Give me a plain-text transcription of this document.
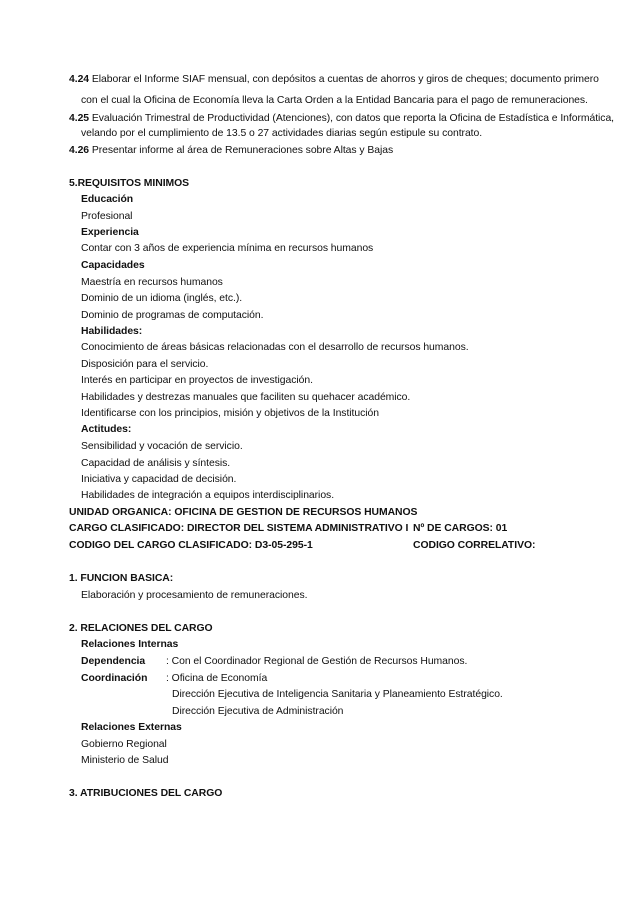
4.24 Elaborar el Informe SIAF mensual, con depósitos a cuentas de ahorros y giros de cheques; documento primero
con el cual la Oficina de Economía lleva la Carta Orden a la Entidad Bancaria para el pago de remuneraciones.
4.25 Evaluación Trimestral de Productividad (Atenciones), con datos que reporta la Oficina de Estadística e Informática,
velando por el cumplimiento de 13.5 o 27 actividades diarias según estipule su contrato.
4.26 Presentar informe al área de Remuneraciones sobre Altas y Bajas
5.REQUISITOS MINIMOS
Educación
Profesional
Experiencia
Contar con 3 años de experiencia mínima en recursos humanos
Capacidades
Maestría en recursos humanos
Dominio de un idioma (inglés, etc.).
Dominio de programas de computación.
Habilidades:
Conocimiento de áreas básicas relacionadas con el desarrollo de recursos humanos.
Disposición para el servicio.
Interés en participar en proyectos de investigación.
Habilidades y destrezas manuales que faciliten su quehacer académico.
Identificarse con los principios, misión y objetivos de la Institución
Actitudes:
Sensibilidad y vocación de servicio.
Capacidad de análisis y síntesis.
Iniciativa y capacidad de decisión.
Habilidades de integración a equipos interdisciplinarios.
UNIDAD ORGANICA: OFICINA DE GESTION DE RECURSOS HUMANOS
CARGO CLASIFICADO: DIRECTOR DEL SISTEMA ADMINISTRATIVO I Nº DE CARGOS: 01
CODIGO DEL CARGO CLASIFICADO: D3-05-295-1	CODIGO CORRELATIVO:
1. FUNCION BASICA:
Elaboración y procesamiento de remuneraciones.
2. RELACIONES DEL CARGO
Relaciones Internas
Dependencia : Con el Coordinador Regional de Gestión de Recursos Humanos.
Coordinación : Oficina de Economía
Dirección Ejecutiva de Inteligencia Sanitaria y Planeamiento Estratégico.
Dirección Ejecutiva de Administración
Relaciones Externas
Gobierno Regional
Ministerio de Salud
3. ATRIBUCIONES DEL CARGO
